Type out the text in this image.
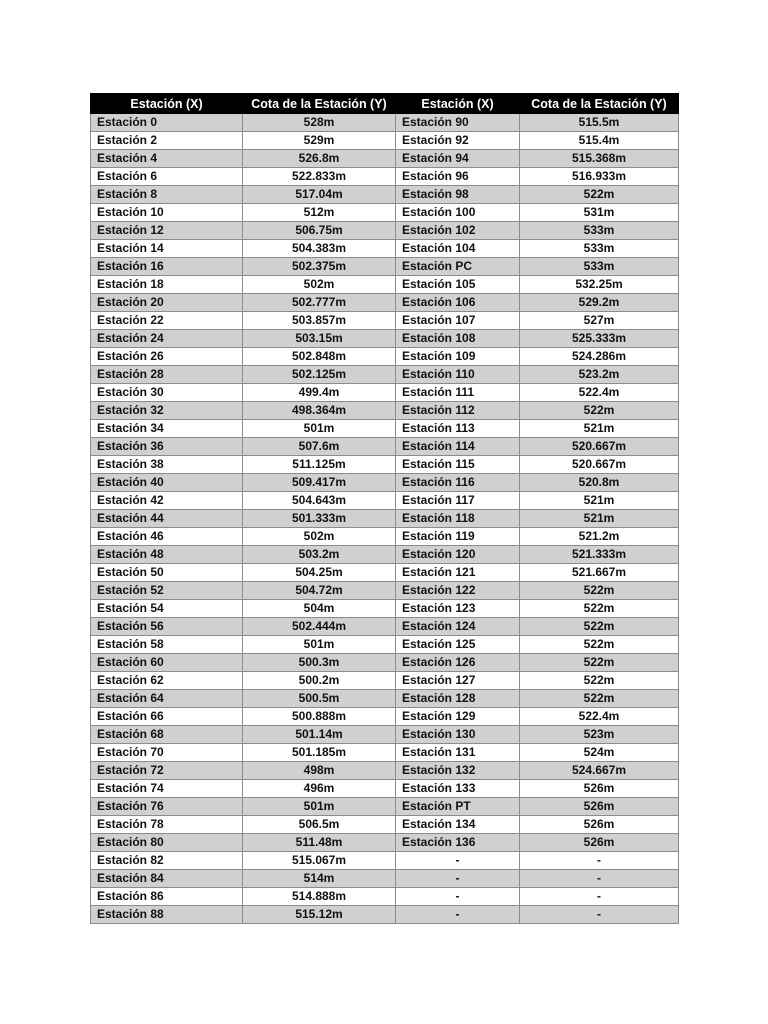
Estación (X)	Cota de la Estación (Y)	Estación (X)	Cota de la Estación (Y)
Estación 0	528m	Estación 90	515.5m
Estación 2	529m	Estación 92	515.4m
Estación 4	526.8m	Estación 94	515.368m
Estación 6	522.833m	Estación 96	516.933m
Estación 8	517.04m	Estación 98	522m
Estación 10	512m	Estación 100	531m
Estación 12	506.75m	Estación 102	533m
Estación 14	504.383m	Estación 104	533m
Estación 16	502.375m	Estación PC	533m
Estación 18	502m	Estación 105	532.25m
Estación 20	502.777m	Estación 106	529.2m
Estación 22	503.857m	Estación 107	527m
Estación 24	503.15m	Estación 108	525.333m
Estación 26	502.848m	Estación 109	524.286m
Estación 28	502.125m	Estación 110	523.2m
Estación 30	499.4m	Estación 111	522.4m
Estación 32	498.364m	Estación 112	522m
Estación 34	501m	Estación 113	521m
Estación 36	507.6m	Estación 114	520.667m
Estación 38	511.125m	Estación 115	520.667m
Estación 40	509.417m	Estación 116	520.8m
Estación 42	504.643m	Estación 117	521m
Estación 44	501.333m	Estación 118	521m
Estación 46	502m	Estación 119	521.2m
Estación 48	503.2m	Estación 120	521.333m
Estación 50	504.25m	Estación 121	521.667m
Estación 52	504.72m	Estación 122	522m
Estación 54	504m	Estación 123	522m
Estación 56	502.444m	Estación 124	522m
Estación 58	501m	Estación 125	522m
Estación 60	500.3m	Estación 126	522m
Estación 62	500.2m	Estación 127	522m
Estación 64	500.5m	Estación 128	522m
Estación 66	500.888m	Estación 129	522.4m
Estación 68	501.14m	Estación 130	523m
Estación 70	501.185m	Estación 131	524m
Estación 72	498m	Estación 132	524.667m
Estación 74	496m	Estación 133	526m
Estación 76	501m	Estación PT	526m
Estación 78	506.5m	Estación 134	526m
Estación 80	511.48m	Estación 136	526m
Estación 82	515.067m	-	-
Estación 84	514m	-	-
Estación 86	514.888m	-	-
Estación 88	515.12m	-	-
